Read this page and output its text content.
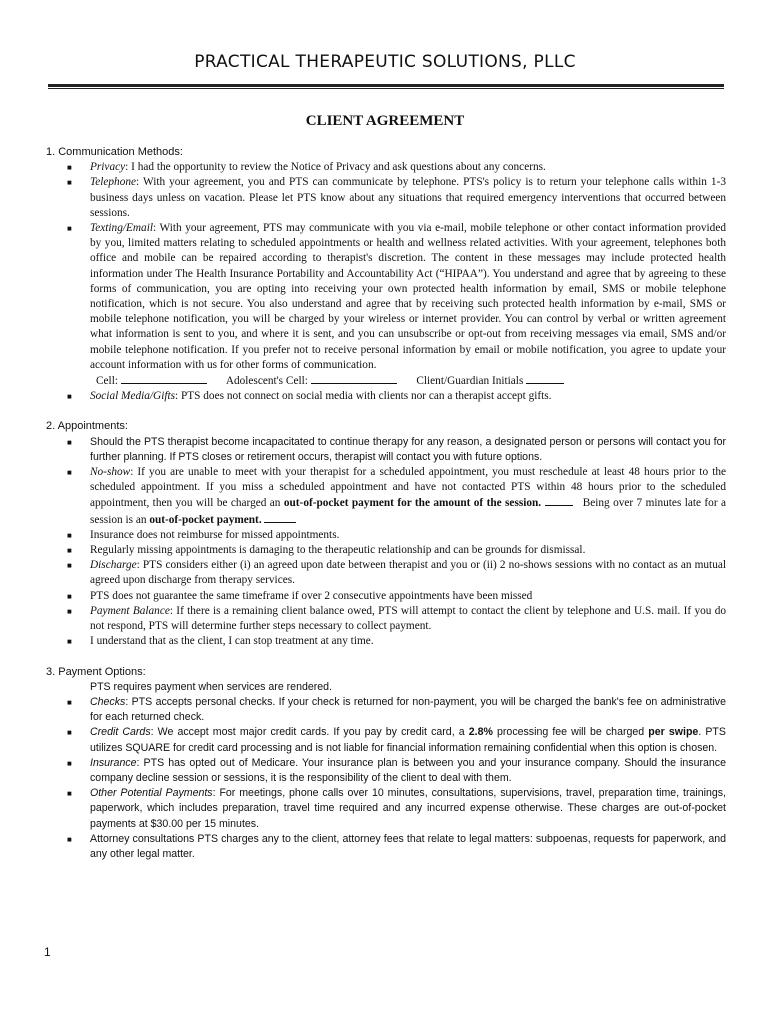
PRACTICAL THERAPEUTIC SOLUTIONS, PLLC
CLIENT AGREEMENT
1. Communication Methods:
■ Privacy: I had the opportunity to review the Notice of Privacy and ask questions about any concerns.
■ Telephone: With your agreement, you and PTS can communicate by telephone. PTS's policy is to return your telephone calls within 1-3 business days unless on vacation. Please let PTS know about any situations that required emergency interventions that occurred between sessions.
■ Texting/Email: With your agreement, PTS may communicate with you via e-mail, mobile telephone or other contact information provided by you, limited matters relating to scheduled appointments or health and wellness related activities. With your agreement, telephones both office and mobile can be repaired according to therapist's discretion. The content in these messages may include protected health information under The Health Insurance Portability and Accountability Act (“HIPAA”). You understand and agree that by agreeing to these forms of communication, you are opting into receiving your own protected health information by email, SMS or mobile telephone notification, which is not secure. You also understand and agree that by receiving such protected health information by e-mail, SMS or mobile telephone notification, you will be charged by your wireless or internet provider. You can control by verbal or written agreement what information is sent to you, and where it is sent, and you can unsubscribe or opt-out from receiving messages via email, SMS and/or mobile telephone notification. If you prefer not to receive personal information by email or mobile notification, you agree to update your account information with us for other forms of communication.
Cell:	Adolescent's Cell:	Client/Guardian Initials
■ Social Media/Gifts: PTS does not connect on social media with clients nor can a therapist accept gifts.
2. Appointments:
■ Should the PTS therapist become incapacitated to continue therapy for any reason, a designated person or persons will contact you for further planning. If PTS closes or retirement occurs, therapist will contact you with future options.
■ No-show: If you are unable to meet with your therapist for a scheduled appointment, you must reschedule at least 48 hours prior to the scheduled appointment. If you miss a scheduled appointment and have not contacted PTS within 48 hours prior to the scheduled appointment, then you will be charged an out-of-pocket payment for the amount of the session.	Being over 7 minutes late for a session is an out-of-pocket payment.
■ Insurance does not reimburse for missed appointments.
■ Regularly missing appointments is damaging to the therapeutic relationship and can be grounds for dismissal.
■ Discharge: PTS considers either (i) an agreed upon date between therapist and you or (ii) 2 no-shows sessions with no contact as an mutual agreed upon discharge from therapy services.
■ PTS does not guarantee the same timeframe if over 2 consecutive appointments have been missed
■ Payment Balance: If there is a remaining client balance owed, PTS will attempt to contact the client by telephone and U.S. mail. If you do not respond, PTS will determine further steps necessary to collect payment.
■ I understand that as the client, I can stop treatment at any time.
3. Payment Options:
PTS requires payment when services are rendered.
■ Checks: PTS accepts personal checks. If your check is returned for non-payment, you will be charged the bank's fee on administrative for each returned check.
■ Credit Cards: We accept most major credit cards. If you pay by credit card, a 2.8% processing fee will be charged per swipe. PTS utilizes SQUARE for credit card processing and is not liable for financial information remaining confidential when this option is chosen.
■ Insurance: PTS has opted out of Medicare. Your insurance plan is between you and your insurance company. Should the insurance company decline session or sessions, it is the responsibility of the client to deal with them.
■ Other Potential Payments: For meetings, phone calls over 10 minutes, consultations, supervisions, travel, preparation time, trainings, paperwork, which includes preparation, travel time required and any incurred expense otherwise. These charges are out-of-pocket payments at $30.00 per 15 minutes.
■ Attorney consultations PTS charges any to the client, attorney fees that relate to legal matters: subpoenas, requests for paperwork, and any other legal matter.
1
